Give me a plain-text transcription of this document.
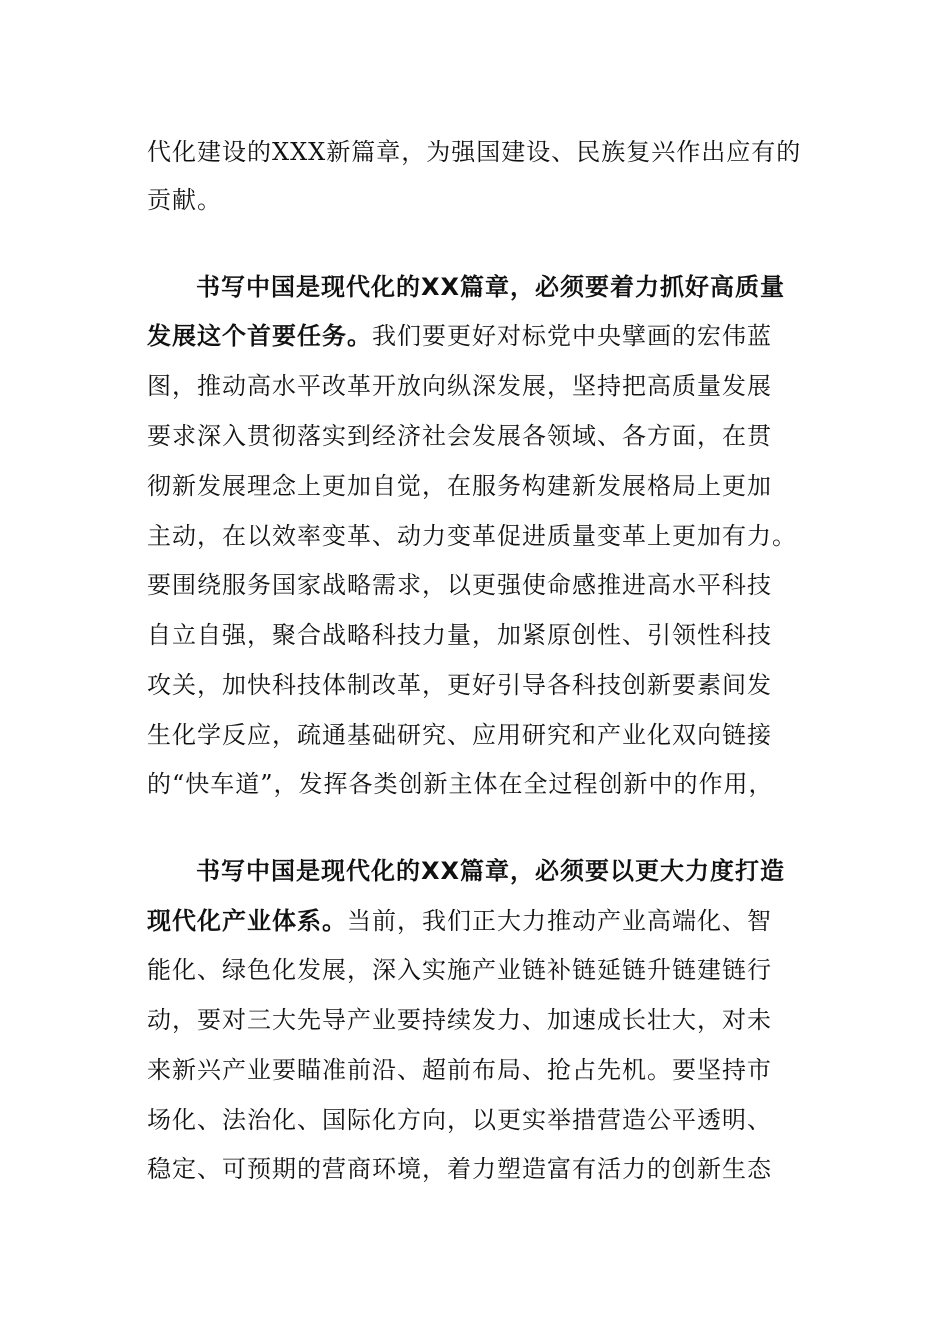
代化建设的XXX新篇章，为强国建设、民族复兴作出应有的
贡献。
书写中国是现代化的XX篇章，必须要着力抓好高质量
发展这个首要任务。我们要更好对标党中央擘画的宏伟蓝
图，推动高水平改革开放向纵深发展，坚持把高质量发展
要求深入贯彻落实到经济社会发展各领域、各方面，在贯
彻新发展理念上更加自觉，在服务构建新发展格局上更加
主动，在以效率变革、动力变革促进质量变革上更加有力。
要围绕服务国家战略需求，以更强使命感推进高水平科技
自立自强，聚合战略科技力量，加紧原创性、引领性科技
攻关，加快科技体制改革，更好引导各科技创新要素间发
生化学反应，疏通基础研究、应用研究和产业化双向链接
的“快车道”，发挥各类创新主体在全过程创新中的作用，
书写中国是现代化的XX篇章，必须要以更大力度打造
现代化产业体系。当前，我们正大力推动产业高端化、智
能化、绿色化发展，深入实施产业链补链延链升链建链行
动，要对三大先导产业要持续发力、加速成长壮大，对未
来新兴产业要瞄准前沿、超前布局、抢占先机。要坚持市
场化、法治化、国际化方向，以更实举措营造公平透明、
稳定、可预期的营商环境，着力塑造富有活力的创新生态
